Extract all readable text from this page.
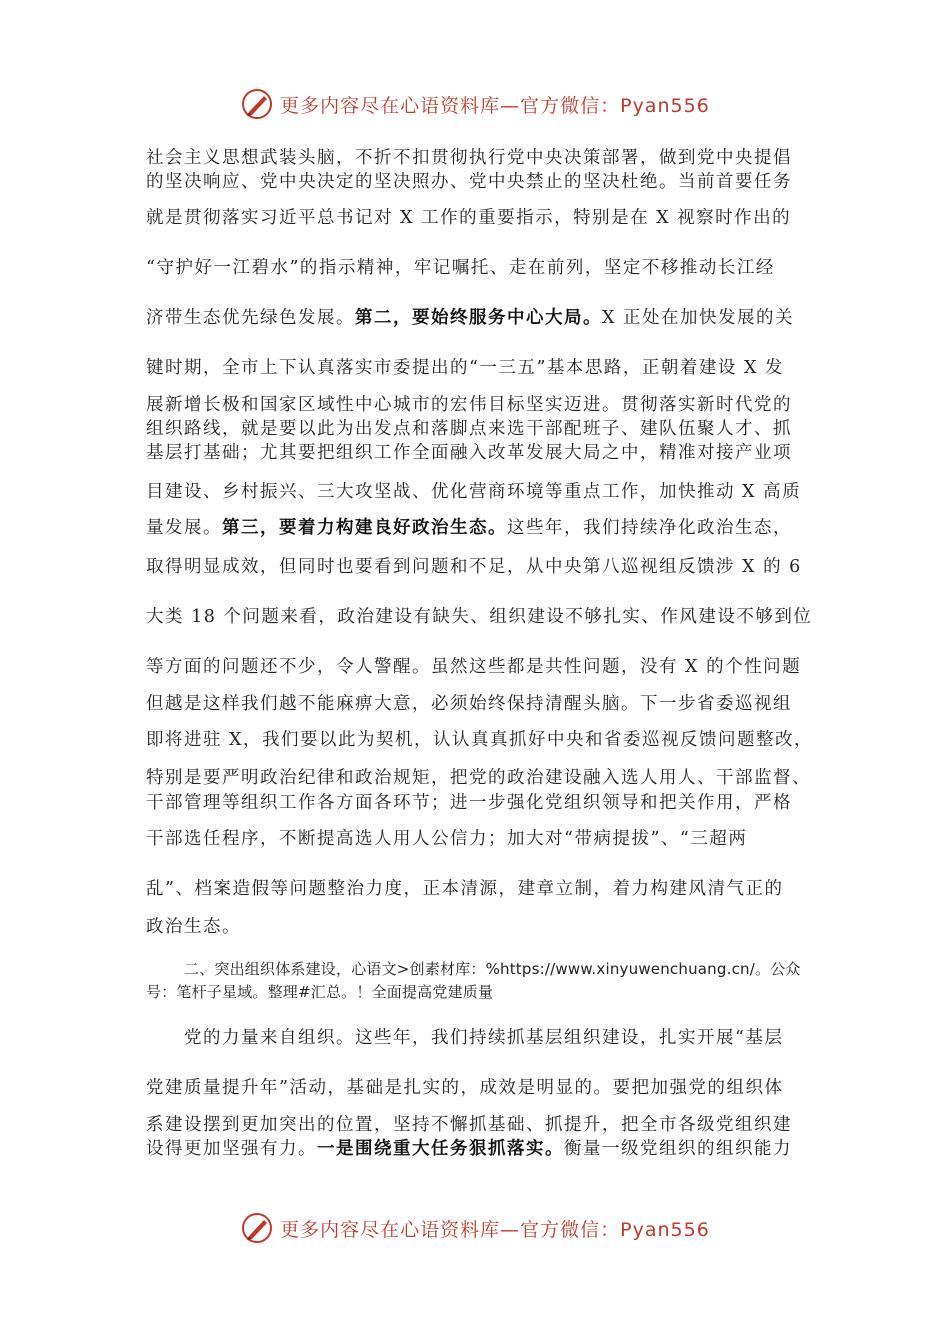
更多内容尽在心语资料库—官方微信：Pyan556
社会主义思想武装头脑，不折不扣贯彻执行党中央决策部署，做到党中央提倡
的坚决响应、党中央决定的坚决照办、党中央禁止的坚决杜绝。当前首要任务
就是贯彻落实习近平总书记对 X 工作的重要指示，特别是在 X 视察时作出的
“守护好一江碧水”的指示精神，牢记嘱托、走在前列，坚定不移推动长江经
济带生态优先绿色发展。第二，要始终服务中心大局。X 正处在加快发展的关
键时期，全市上下认真落实市委提出的“一三五”基本思路，正朝着建设 X 发
展新增长极和国家区域性中心城市的宏伟目标坚实迈进。贯彻落实新时代党的
组织路线，就是要以此为出发点和落脚点来选干部配班子、建队伍聚人才、抓
基层打基础；尤其要把组织工作全面融入改革发展大局之中，精准对接产业项
目建设、乡村振兴、三大攻坚战、优化营商环境等重点工作，加快推动 X 高质
量发展。第三，要着力构建良好政治生态。这些年，我们持续净化政治生态，
取得明显成效，但同时也要看到问题和不足，从中央第八巡视组反馈涉 X 的 6
大类 18 个问题来看，政治建设有缺失、组织建设不够扎实、作风建设不够到位
等方面的问题还不少，令人警醒。虽然这些都是共性问题，没有 X 的个性问题
但越是这样我们越不能麻痹大意，必须始终保持清醒头脑。下一步省委巡视组
即将进驻 X，我们要以此为契机，认认真真抓好中央和省委巡视反馈问题整改，
特别是要严明政治纪律和政治规矩，把党的政治建设融入选人用人、干部监督、
干部管理等组织工作各方面各环节；进一步强化党组织领导和把关作用，严格
干部选任程序，不断提高选人用人公信力；加大对“带病提拔”、“三超两
乱”、档案造假等问题整治力度，正本清源，建章立制，着力构建风清气正的
政治生态。
二、突出组织体系建设，心语文>创素材库：%https://www.xinyuwenchuang.cn/。公众
号：笔杆子星域。整理#汇总。！全面提高党建质量
党的力量来自组织。这些年，我们持续抓基层组织建设，扎实开展“基层
党建质量提升年”活动，基础是扎实的，成效是明显的。要把加强党的组织体
系建设摆到更加突出的位置，坚持不懈抓基础、抓提升，把全市各级党组织建
设得更加坚强有力。一是围绕重大任务狠抓落实。衡量一级党组织的组织能力
更多内容尽在心语资料库—官方微信：Pyan556
